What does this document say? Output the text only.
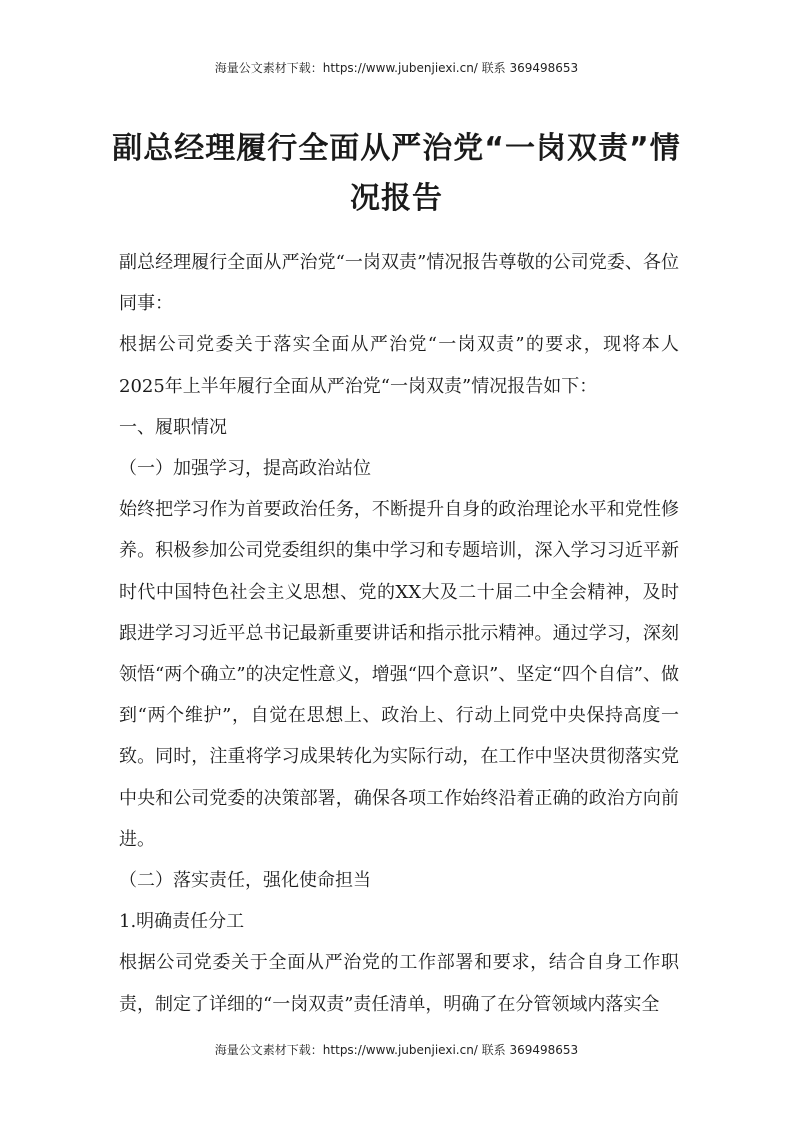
海量公文素材下载：https://www.jubenjiexi.cn/ 联系 369498653
副总经理履行全面从严治党“一岗双责”情
况报告

副总经理履行全面从严治党“一岗双责”情况报告尊敬的公司党委、各位同事：

根据公司党委关于落实全面从严治党“一岗双责”的要求，现将本人2025年上半年履行全面从严治党“一岗双责”情况报告如下：

一、履职情况

（一）加强学习，提高政治站位

始终把学习作为首要政治任务，不断提升自身的政治理论水平和党性修养。积极参加公司党委组织的集中学习和专题培训，深入学习习近平新时代中国特色社会主义思想、党的XX大及二十届二中全会精神，及时跟进学习习近平总书记最新重要讲话和指示批示精神。通过学习，深刻领悟“两个确立”的决定性意义，增强“四个意识”、坚定“四个自信”、做到“两个维护”，自觉在思想上、政治上、行动上同党中央保持高度一致。同时，注重将学习成果转化为实际行动，在工作中坚决贯彻落实党中央和公司党委的决策部署，确保各项工作始终沿着正确的政治方向前进。

（二）落实责任，强化使命担当

1.明确责任分工

根据公司党委关于全面从严治党的工作部署和要求，结合自身工作职责，制定了详细的“一岗双责”责任清单，明确了在分管领域内落实全

海量公文素材下载：https://www.jubenjiexi.cn/ 联系 369498653
